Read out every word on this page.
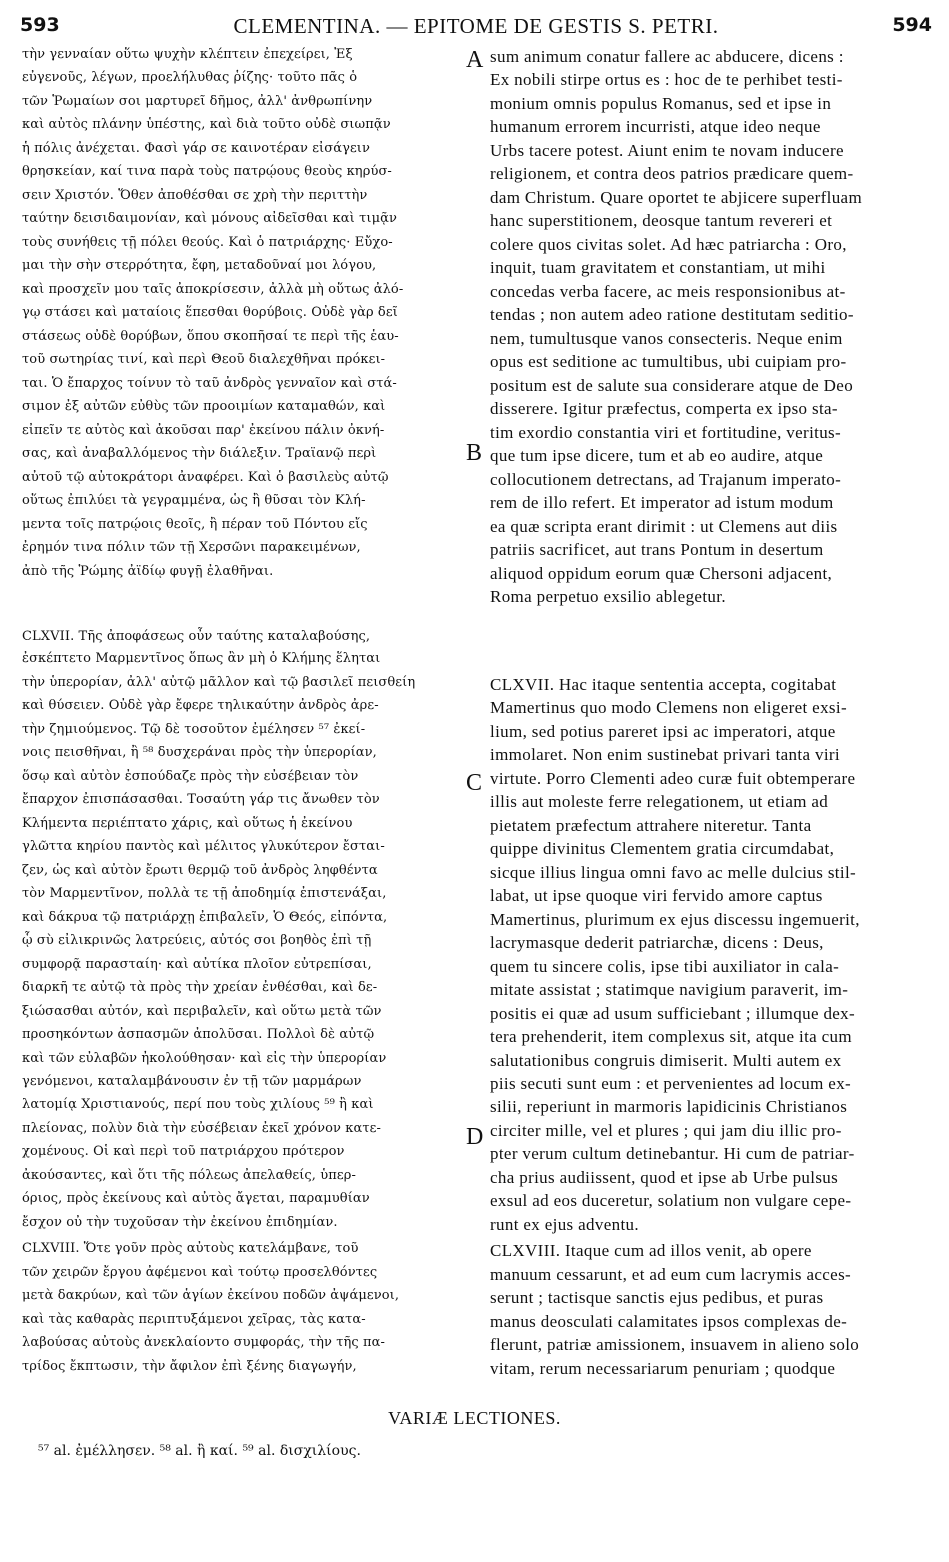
593	CLEMENTINA. — EPITOME DE GESTIS S. PETRI.	594
τὴν γενναίαν οὕτω ψυχὴν κλέπτειν ἐπεχείρει, Ἐξ
εὐγενοῦς, λέγων, προελήλυθας ῥίζης· τοῦτο πᾶς ὁ
τῶν Ῥωμαίων σοι μαρτυρεῖ δῆμος, ἀλλ' ἀνθρωπίνην
καὶ αὐτὸς πλάνην ὑπέστης, καὶ διὰ τοῦτο οὐδὲ σιωπᾷν
ἡ πόλις ἀνέχεται. Φασὶ γάρ σε καινοτέραν εἰσάγειν
θρησκείαν, καί τινα παρὰ τοὺς πατρῴους θεοὺς κηρύσ-
σειν Χριστόν. Ὅθεν ἀποθέσθαι σε χρὴ τὴν περιττὴν
ταύτην δεισιδαιμονίαν, καὶ μόνους αἰδεῖσθαι καὶ τιμᾷν
τοὺς συνήθεις τῇ πόλει θεούς. Καὶ ὁ πατριάρχης· Εὔχο-
μαι τὴν σὴν στερρότητα, ἔφη, μεταδοῦναί μοι λόγου,
καὶ προσχεῖν μου ταῖς ἀποκρίσεσιν, ἀλλὰ μὴ οὕτως ἀλό-
γῳ στάσει καὶ ματαίοις ἕπεσθαι θορύβοις. Οὐδὲ γὰρ δεῖ
στάσεως οὐδὲ θορύβων, ὅπου σκοπῆσαί τε περὶ τῆς ἑαυ-
τοῦ σωτηρίας τινί, καὶ περὶ Θεοῦ διαλεχθῆναι πρόκει-
ται. Ὁ ἔπαρχος τοίνυν τὸ ταῦ ἀνδρὸς γενναῖον καὶ στά-
σιμον ἐξ αὐτῶν εὐθὺς τῶν προοιμίων καταμαθών, καὶ
εἰπεῖν τε αὐτὸς καὶ ἀκοῦσαι παρ' ἐκείνου πάλιν ὀκνή-
σας, καὶ ἀναβαλλόμενος τὴν διάλεξιν. Τραϊανῷ περὶ
αὐτοῦ τῷ αὐτοκράτορι ἀναφέρει. Καὶ ὁ βασιλεὺς αὐτῷ
οὕτως ἐπιλύει τὰ γεγραμμένα, ὡς ἢ θῦσαι τὸν Κλή-
μεντα τοῖς πατρῴοις θεοῖς, ἢ πέραν τοῦ Πόντου εἴς
ἐρημόν τινα πόλιν τῶν τῇ Χερσῶνι παρακειμένων,
ἀπὸ τῆς Ῥώμης ἀϊδίῳ φυγῇ ἐλαθῆναι.
CLXVII. Τῆς ἀποφάσεως οὖν ταύτης καταλαβούσης,
ἐσκέπτετο Μαρμεντῖνος ὅπως ἂν μὴ ὁ Κλήμης ἕληται
τὴν ὑπερορίαν, ἀλλ' αὐτῷ μᾶλλον καὶ τῷ βασιλεῖ πεισθείη
καὶ θύσειεν. Οὐδὲ γὰρ ἔφερε τηλικαύτην ἀνδρὸς ἀρε-
τὴν ζημιούμενος. Τῷ δὲ τοσοῦτον ἐμέλησεν ⁵⁷ ἐκεί-
νοις πεισθῆναι, ἢ ⁵⁸ δυσχεράναι πρὸς τὴν ὑπερορίαν,
ὅσῳ καὶ αὐτὸν ἐσπούδαζε πρὸς τὴν εὐσέβειαν τὸν
ἔπαρχον ἐπισπάσασθαι. Τοσαύτη γάρ τις ἄνωθεν τὸν
Κλήμεντα περιέπτατο χάρις, καὶ οὕτως ἡ ἐκείνου
γλῶττα κηρίου παντὸς καὶ μέλιτος γλυκύτερον ἔσται-
ζεν, ὡς καὶ αὐτὸν ἔρωτι θερμῷ τοῦ ἀνδρὸς ληφθέντα
τὸν Μαρμεντῖνον, πολλὰ τε τῇ ἀποδημίᾳ ἐπιστενάξαι,
καὶ δάκρυα τῷ πατριάρχῃ ἐπιβαλεῖν, Ὁ Θεός, εἰπόντα,
ᾧ σὺ εἰλικρινῶς λατρεύεις, αὐτός σοι βοηθὸς ἐπὶ τῇ
συμφορᾷ παρασταίη· καὶ αὐτίκα πλοῖον εὐτρεπίσαι,
διαρκῆ τε αὐτῷ τὰ πρὸς τὴν χρείαν ἐνθέσθαι, καὶ δε-
ξιώσασθαι αὐτόν, καὶ περιβαλεῖν, καὶ οὕτω μετὰ τῶν
προσηκόντων ἀσπασμῶν ἀπολῦσαι. Πολλοὶ δὲ αὐτῷ
καὶ τῶν εὐλαβῶν ἠκολούθησαν· καὶ εἰς τὴν ὑπερορίαν
γενόμενοι, καταλαμβάνουσιν ἐν τῇ τῶν μαρμάρων
λατομίᾳ Χριστιανούς, περί που τοὺς χιλίους ⁵⁹ ἢ καὶ
πλείονας, πολὺν διὰ τὴν εὐσέβειαν ἐκεῖ χρόνον κατε-
χομένους. Οἱ καὶ περὶ τοῦ πατριάρχου πρότερον
ἀκούσαντες, καὶ ὅτι τῆς πόλεως ἀπελαθείς, ὑπερ-
όριος, πρὸς ἐκείνους καὶ αὐτὸς ἄγεται, παραμυθίαν
ἔσχον οὐ τὴν τυχοῦσαν τὴν ἐκείνου ἐπιδημίαν.
CLXVIII. Ὅτε γοῦν πρὸς αὐτοὺς κατελάμβανε, τοῦ
τῶν χειρῶν ἔργου ἀφέμενοι καὶ τούτῳ προσελθόντες
μετὰ δακρύων, καὶ τῶν ἁγίων ἐκείνου ποδῶν ἀψάμενοι,
καὶ τὰς καθαρὰς περιπτυξάμενοι χεῖρας, τὰς κατα-
λαβούσας αὐτοὺς ἀνεκλαίοντο συμφοράς, τὴν τῆς πα-
τρίδος ἔκπτωσιν, τὴν ἄφιλον ἐπὶ ξένης διαγωγήν,
sum animum conatur fallere ac abducere, dicens :
Ex nobili stirpe ortus es : hoc de te perhibet testi-
monium omnis populus Romanus, sed et ipse in
humanum errorem incurristi, atque ideo neque
Urbs tacere potest. Aiunt enim te novam inducere
religionem, et contra deos patrios prædicare quem-
dam Christum. Quare oportet te abjicere superfluam
hanc superstitionem, deosque tantum revereri et
colere quos civitas solet. Ad hæc patriarcha : Oro,
inquit, tuam gravitatem et constantiam, ut mihi
concedas verba facere, ac meis responsionibus at-
tendas ; non autem adeo ratione destitutam seditio-
nem, tumultusque vanos consecteris. Neque enim
opus est seditione ac tumultibus, ubi cuipiam pro-
positum est de salute sua considerare atque de Deo
disserere. Igitur præfectus, comperta ex ipso sta-
tim exordio constantia viri et fortitudine, veritus-
que tum ipse dicere, tum et ab eo audire, atque
collocutionem detrectans, ad Trajanum imperato-
rem de illo refert. Et imperator ad istum modum
ea quæ scripta erant dirimit : ut Clemens aut diis
patriis sacrificet, aut trans Pontum in desertum
aliquod oppidum eorum quæ Chersoni adjacent,
Roma perpetuo exsilio ablegetur.
CLXVII. Hac itaque sententia accepta, cogitabat
Mamertinus quo modo Clemens non eligeret exsi-
lium, sed potius pareret ipsi ac imperatori, atque
immolaret. Non enim sustinebat privari tanta viri
virtute. Porro Clementi adeo curæ fuit obtemperare
illis aut moleste ferre relegationem, ut etiam ad
pietatem præfectum attrahere niteretur. Tanta
quippe divinitus Clementem gratia circumdabat,
sicque illius lingua omni favo ac melle dulcius stil-
labat, ut ipse quoque viri fervido amore captus
Mamertinus, plurimum ex ejus discessu ingemuerit,
lacrymasque dederit patriarchæ, dicens : Deus,
quem tu sincere colis, ipse tibi auxiliator in cala-
mitate assistat ; statimque navigium paraverit, im-
positis ei quæ ad usum sufficiebant ; illumque dex-
tera prehenderit, item complexus sit, atque ita cum
salutationibus congruis dimiserit. Multi autem ex
piis secuti sunt eum : et pervenientes ad locum ex-
silii, reperiunt in marmoris lapidicinis Christianos
circiter mille, vel et plures ; qui jam diu illic pro-
pter verum cultum detinebantur. Hi cum de patriar-
cha prius audiissent, quod et ipse ab Urbe pulsus
exsul ad eos duceretur, solatium non vulgare cepe-
runt ex ejus adventu.
CLXVIII. Itaque cum ad illos venit, ab opere
manuum cessarunt, et ad eum cum lacrymis acces-
serunt ; tactisque sanctis ejus pedibus, et puras
manus deosculati calamitates ipsos complexas de-
flerunt, patriæ amissionem, insuavem in alieno solo
vitam, rerum necessariarum penuriam ; quodque
A
B
C
D
VARIÆ LECTIONES.
⁵⁷ al. ἐμέλλησεν. ⁵⁸ al. ἢ καί. ⁵⁹ al. δισχιλίους.
